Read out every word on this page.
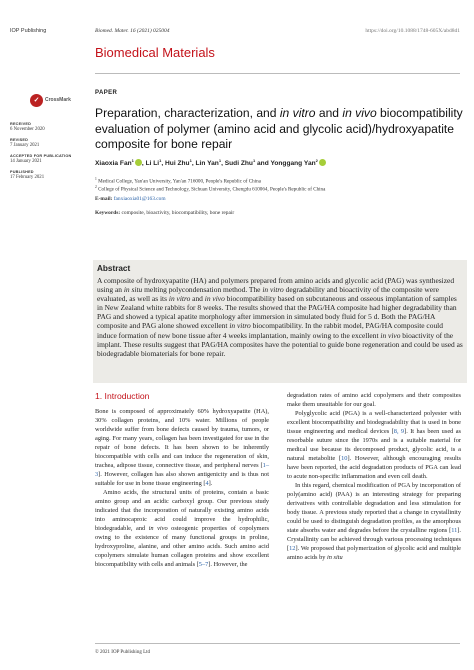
IOP Publishing	Biomed. Mater. 16 (2021) 025004	https://doi.org/10.1088/1748-605X/abd8d1
Biomedical Materials
✓ CrossMark
RECEIVED
6 November 2020
REVISED
7 January 2021
ACCEPTED FOR PUBLICATION
14 January 2021
PUBLISHED
17 February 2021
PAPER
Preparation, characterization, and in vitro and in vivo biocompatibility evaluation of polymer (amino acid and glycolic acid)/hydroxyapatite composite for bone repair
Xiaoxia Fan$^1$ , Li Li$^1$, Hui Zhu$^1$, Lin Yan$^1$, Sudi Zhu$^1$ and Yonggang Yan$^2$
$^1$ Medical College, Yan'an University, Yan'an 716000, People's Republic of China
$^2$ College of Physical Science and Technology, Sichuan University, Chengdu 610064, People's Republic of China
E-mail: fanxiaoxia01@163.com
Keywords: composite, bioactivity, biocompatibility, bone repair
Abstract
A composite of hydroxyapatite (HA) and polymers prepared from amino acids and glycolic acid (PAG) was synthesized using an in situ melting polycondensation method. The in vitro degradability and bioactivity of the composite were evaluated, as well as its in vitro and in vivo biocompatibility based on subcutaneous and osseous implantation of samples in New Zealand white rabbits for 8 weeks. The results showed that the PAG/HA composite had higher degradability than PAG and showed a typical apatite morphology after immersion in simulated body fluid for 5 d. Both the PAG/HA composite and PAG alone showed excellent in vitro biocompatibility. In the rabbit model, PAG/HA composite could induce formation of new bone tissue after 4 weeks implantation, mainly owing to the excellent in vivo bioactivity of the implant. These results suggest that PAG/HA composites have the potential to guide bone regeneration and could be used as biodegradable biomaterials for bone repair.
1. Introduction

Bone is composed of approximately 60% hydroxyapatite (HA), 30% collagen proteins, and 10% water. Millions of people worldwide suffer from bone defects caused by trauma, tumors, or aging. For many years, collagen has been investigated for use in the repair of bone defects. It has been shown to be inherently biocompatible with cells and can induce the regeneration of skin, trachea, adipose tissue, connective tissue, and peripheral nerves [1–3]. However, collagen has also shown antigenicity and is thus not suitable for use in bone tissue engineering [4].

Amino acids, the structural units of proteins, contain a basic amino group and an acidic carboxyl group. Our previous study indicated that the incorporation of naturally existing amino acids into aminocaproic acid could improve the hydrophilic, biodegradable, and in vivo osteogenic properties of copolymers owing to the existence of many functional groups in proline, hydroxyproline, alanine, and other amino acids. Such amino acid copolymers simulate human collagen proteins and show excellent biocompatibility with cells and animals [5–7]. However, the

degradation rates of amino acid copolymers and their composites make them unsuitable for our goal.

Polyglycolic acid (PGA) is a well-characterized polyester with excellent biocompatibility and biodegradability that is used in bone tissue engineering and medical devices [8, 9]. It has been used as resorbable suture since the 1970s and is a suitable material for medical use because its decomposed product, glycolic acid, is a natural metabolite [10]. However, although encouraging results have been reported, the acid degradation products of PGA can lead to acute non-specific inflammation and even cell death.

In this regard, chemical modification of PGA by incorporation of poly(amino acid) (PAA) is an interesting strategy for preparing derivatives with controllable degradation and less stimulation for body tissue. A previous study reported that a change in crystallinity could be used to distinguish degradation profiles, as the amorphous state absorbs water and degrades before the crystalline regions [11]. Crystallinity can be achieved through various processing techniques [12]. We proposed that polymerization of glycolic acid and multiple amino acids by in situ

© 2021 IOP Publishing Ltd
